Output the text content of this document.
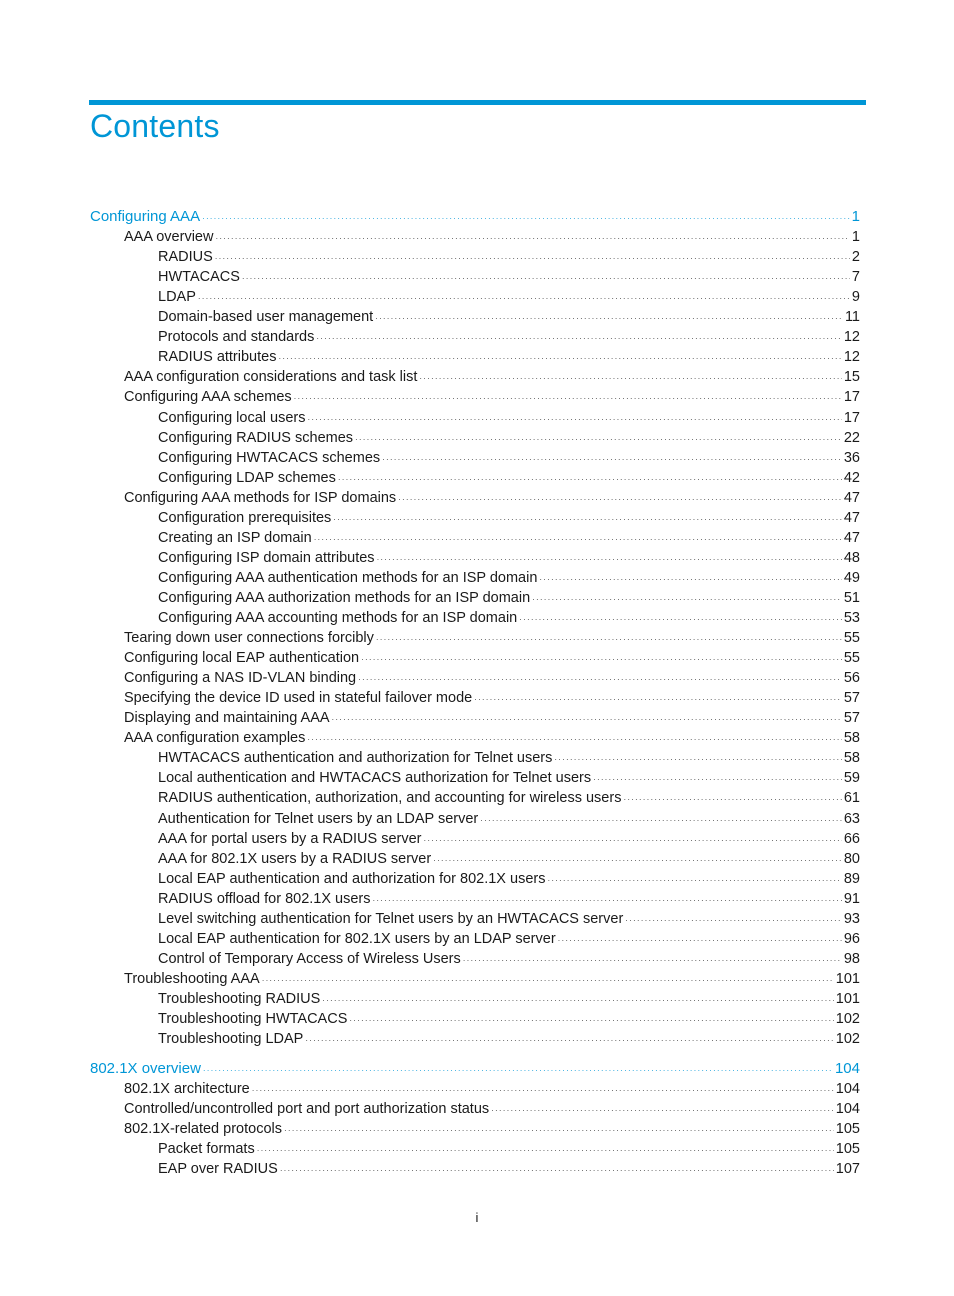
Contents
Configuring AAA ·····	1
AAA overview ·····	1
RADIUS ·····	2
HWTACACS ·····	7
LDAP ·····	9
Domain-based user management ·····	11
Protocols and standards ·····	12
RADIUS attributes ·····	12
AAA configuration considerations and task list ·····	15
Configuring AAA schemes ·····	17
Configuring local users ·····	17
Configuring RADIUS schemes ·····	22
Configuring HWTACACS schemes ·····	36
Configuring LDAP schemes ·····	42
Configuring AAA methods for ISP domains ·····	47
Configuration prerequisites ·····	47
Creating an ISP domain ·····	47
Configuring ISP domain attributes ·····	48
Configuring AAA authentication methods for an ISP domain ·····	49
Configuring AAA authorization methods for an ISP domain ·····	51
Configuring AAA accounting methods for an ISP domain ·····	53
Tearing down user connections forcibly ·····	55
Configuring local EAP authentication ·····	55
Configuring a NAS ID-VLAN binding ·····	56
Specifying the device ID used in stateful failover mode ·····	57
Displaying and maintaining AAA ·····	57
AAA configuration examples ·····	58
HWTACACS authentication and authorization for Telnet users ·····	58
Local authentication and HWTACACS authorization for Telnet users ·····	59
RADIUS authentication, authorization, and accounting for wireless users ·····	61
Authentication for Telnet users by an LDAP server ·····	63
AAA for portal users by a RADIUS server ·····	66
AAA for 802.1X users by a RADIUS server ·····	80
Local EAP authentication and authorization for 802.1X users ·····	89
RADIUS offload for 802.1X users ·····	91
Level switching authentication for Telnet users by an HWTACACS server ·····	93
Local EAP authentication for 802.1X users by an LDAP server ·····	96
Control of Temporary Access of Wireless Users ·····	98
Troubleshooting AAA ·····	101
Troubleshooting RADIUS ·····	101
Troubleshooting HWTACACS ·····	102
Troubleshooting LDAP ·····	102
802.1X overview ·····	104
802.1X architecture ·····	104
Controlled/uncontrolled port and port authorization status ·····	104
802.1X-related protocols ·····	105
Packet formats ·····	105
EAP over RADIUS ·····	107
i
